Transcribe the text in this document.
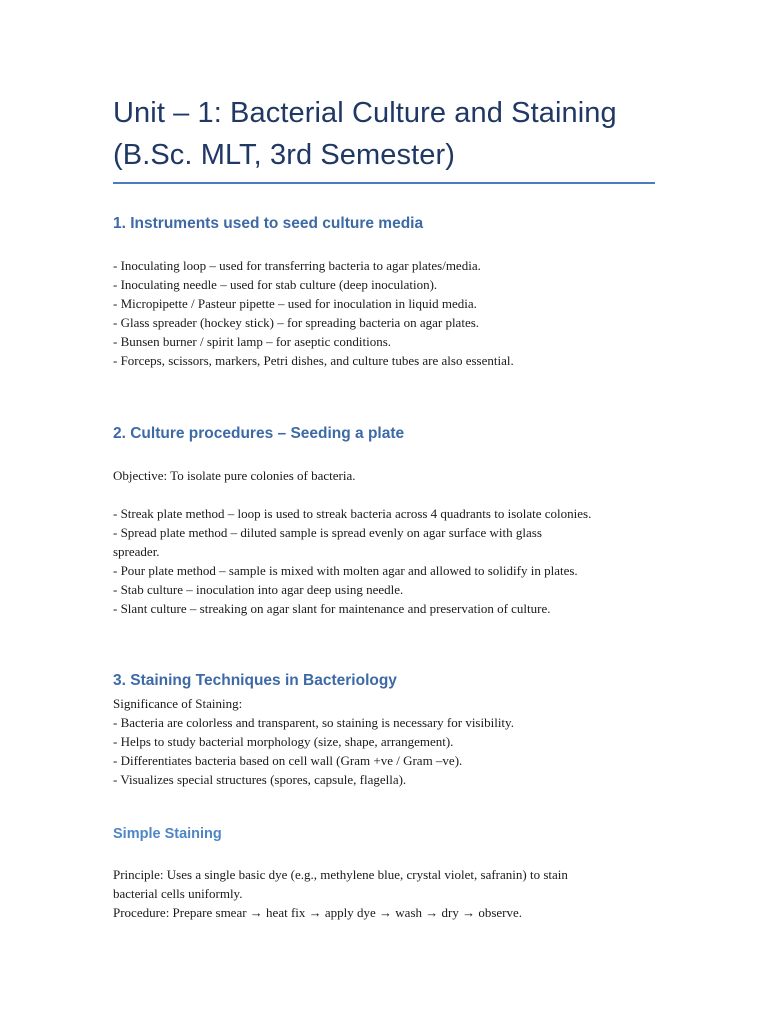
Unit – 1: Bacterial Culture and Staining
(B.Sc. MLT, 3rd Semester)
1. Instruments used to seed culture media
- Inoculating loop – used for transferring bacteria to agar plates/media.
- Inoculating needle – used for stab culture (deep inoculation).
- Micropipette / Pasteur pipette – used for inoculation in liquid media.
- Glass spreader (hockey stick) – for spreading bacteria on agar plates.
- Bunsen burner / spirit lamp – for aseptic conditions.
- Forceps, scissors, markers, Petri dishes, and culture tubes are also essential.
2. Culture procedures – Seeding a plate
Objective: To isolate pure colonies of bacteria.
- Streak plate method – loop is used to streak bacteria across 4 quadrants to isolate colonies.
- Spread plate method – diluted sample is spread evenly on agar surface with glass
spreader.
- Pour plate method – sample is mixed with molten agar and allowed to solidify in plates.
- Stab culture – inoculation into agar deep using needle.
- Slant culture – streaking on agar slant for maintenance and preservation of culture.
3. Staining Techniques in Bacteriology
Significance of Staining:
- Bacteria are colorless and transparent, so staining is necessary for visibility.
- Helps to study bacterial morphology (size, shape, arrangement).
- Differentiates bacteria based on cell wall (Gram +ve / Gram –ve).
- Visualizes special structures (spores, capsule, flagella).
Simple Staining
Principle: Uses a single basic dye (e.g., methylene blue, crystal violet, safranin) to stain
bacterial cells uniformly.
Procedure: Prepare smear → heat fix → apply dye → wash → dry → observe.
